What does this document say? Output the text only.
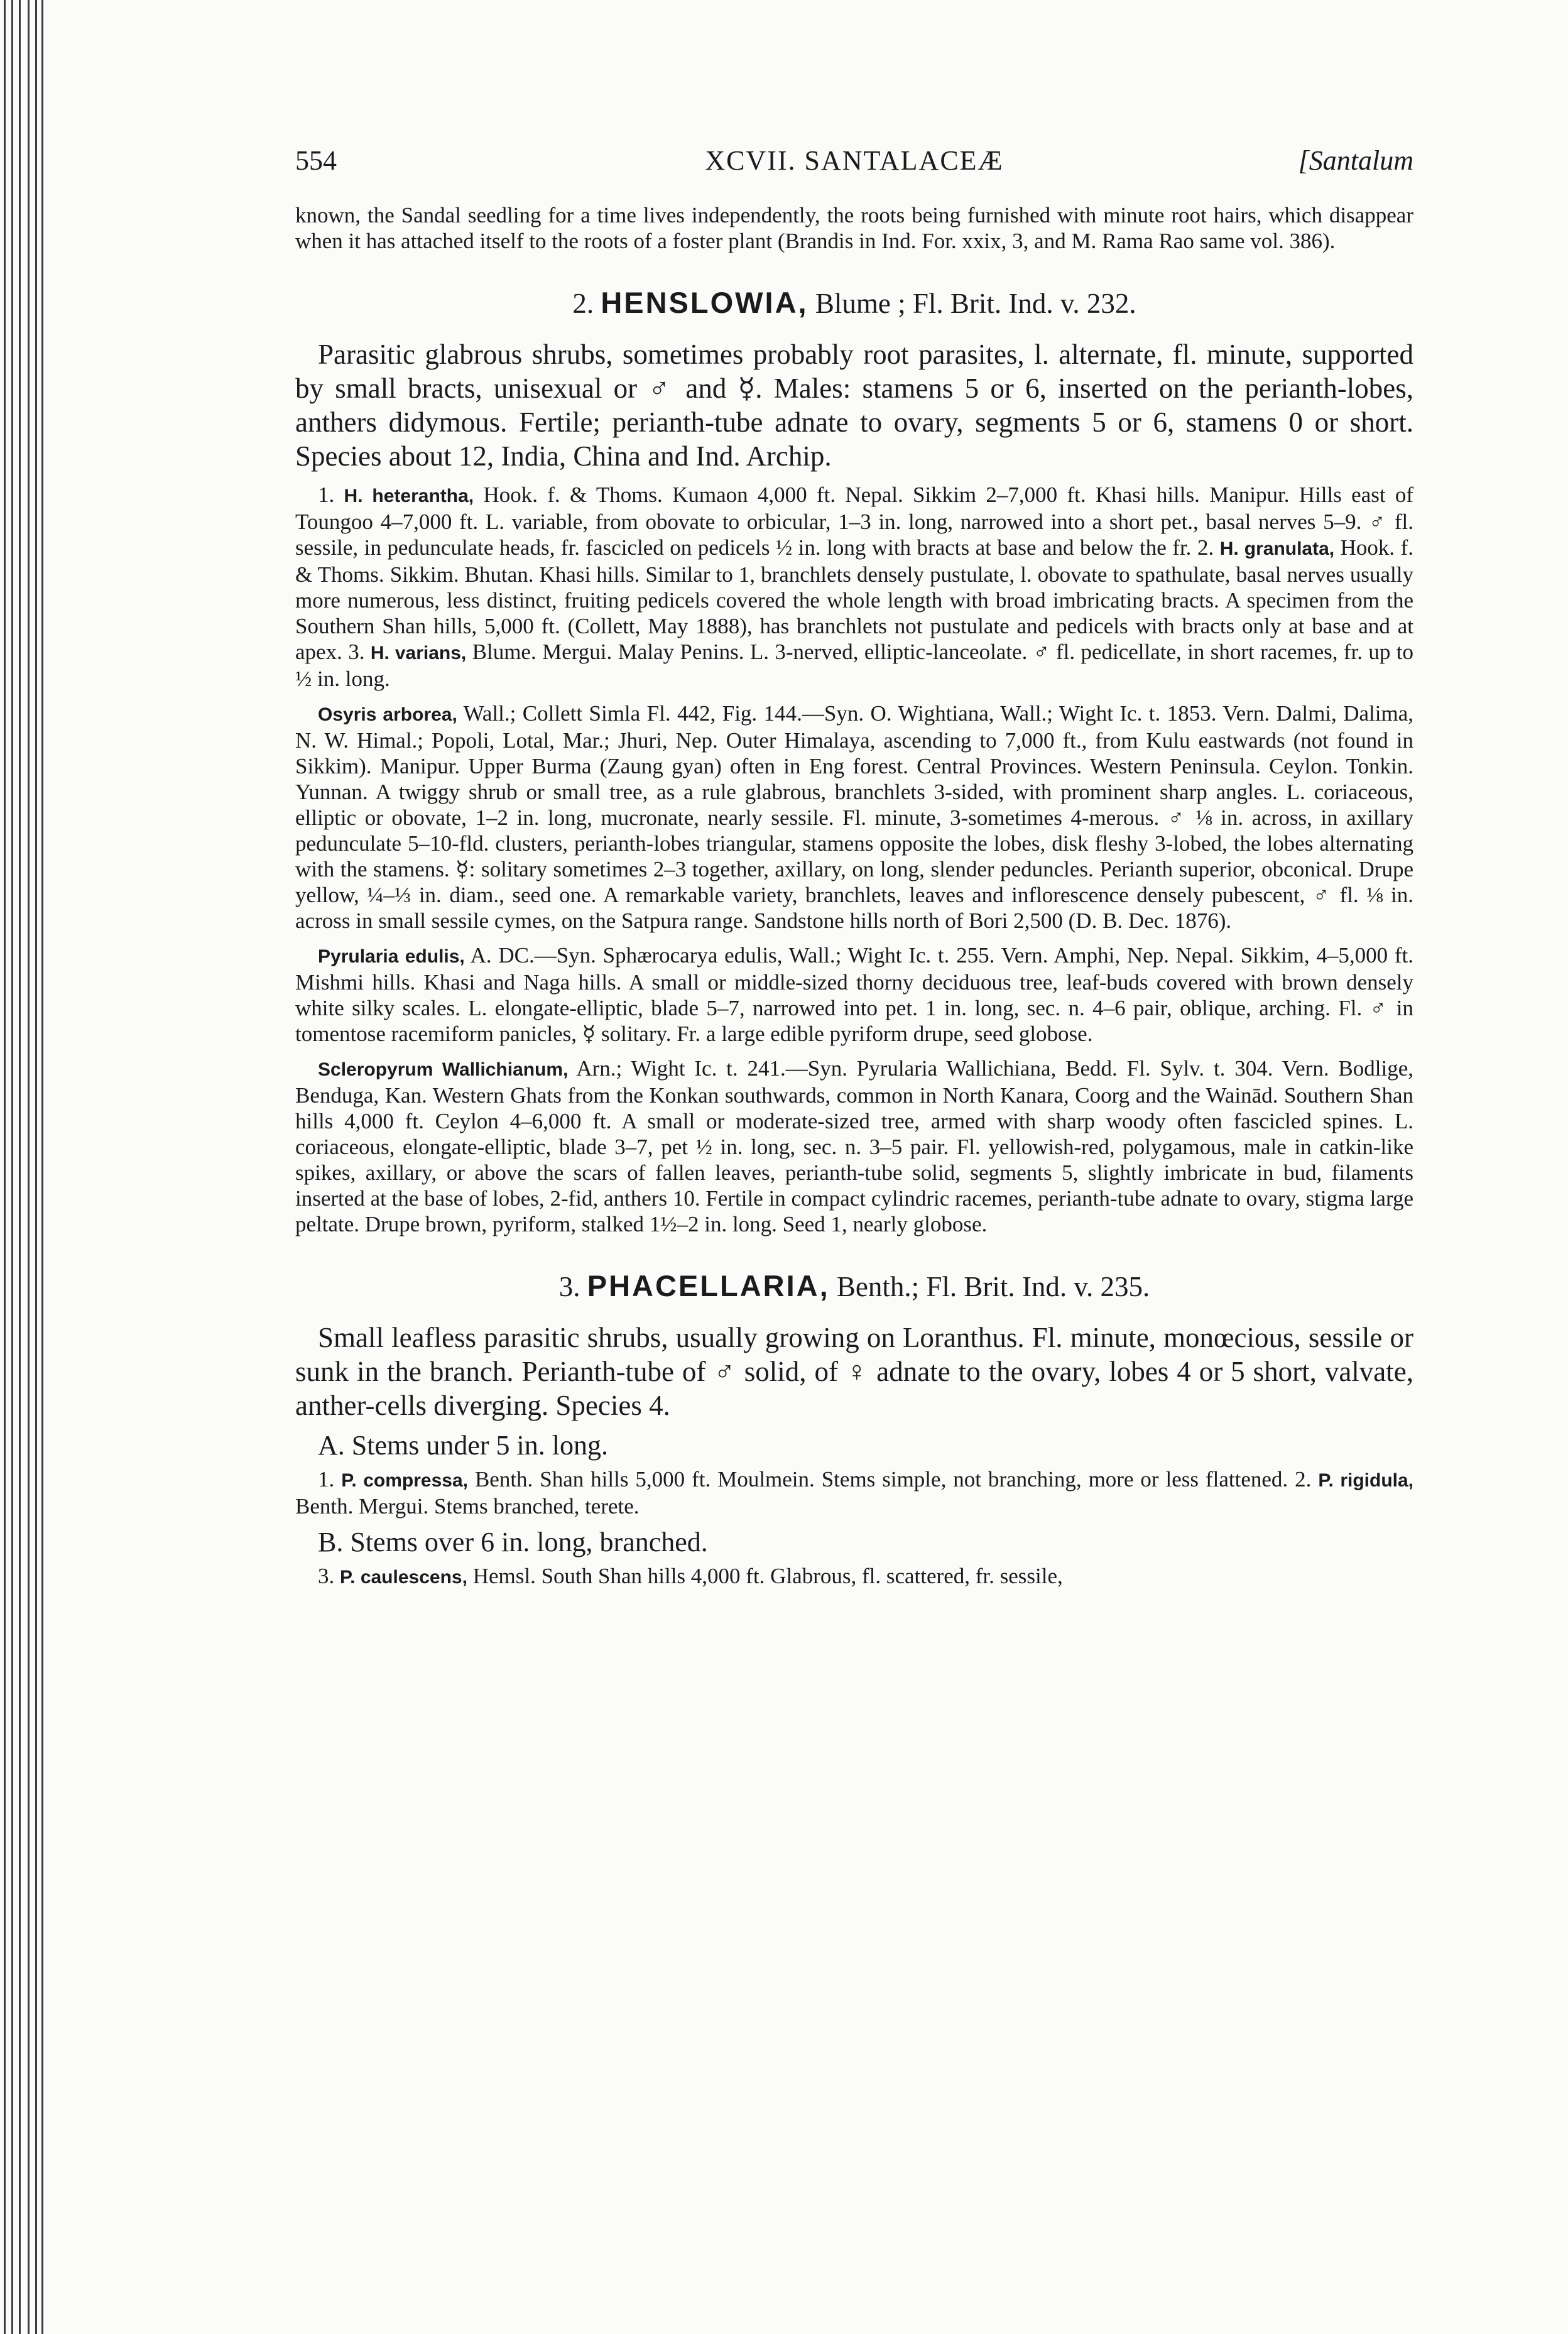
554	XCVII. SANTALACEÆ	[Santalum

known, the Sandal seedling for a time lives independently, the roots being furnished with minute root hairs, which disappear when it has attached itself to the roots of a foster plant (Brandis in Ind. For. xxix, 3, and M. Rama Rao same vol. 386).

2. HENSLOWIA, Blume ; Fl. Brit. Ind. v. 232.

Parasitic glabrous shrubs, sometimes probably root parasites, l. alternate, fl. minute, supported by small bracts, unisexual or ♂ and ☿. Males: stamens 5 or 6, inserted on the perianth-lobes, anthers didymous. Fertile; perianth-tube adnate to ovary, segments 5 or 6, stamens 0 or short. Species about 12, India, China and Ind. Archip.

1. H. heterantha, Hook. f. & Thoms. Kumaon 4,000 ft. Nepal. Sikkim 2–7,000 ft. Khasi hills. Manipur. Hills east of Toungoo 4–7,000 ft. L. variable, from obovate to orbicular, 1–3 in. long, narrowed into a short pet., basal nerves 5–9. ♂ fl. sessile, in pedunculate heads, fr. fascicled on pedicels ½ in. long with bracts at base and below the fr. 2. H. granulata, Hook. f. & Thoms. Sikkim. Bhutan. Khasi hills. Similar to 1, branchlets densely pustulate, l. obovate to spathulate, basal nerves usually more numerous, less distinct, fruiting pedicels covered the whole length with broad imbricating bracts. A specimen from the Southern Shan hills, 5,000 ft. (Collett, May 1888), has branchlets not pustulate and pedicels with bracts only at base and at apex. 3. H. varians, Blume. Mergui. Malay Penins. L. 3-nerved, elliptic-lanceolate. ♂ fl. pedicellate, in short racemes, fr. up to ½ in. long.

Osyris arborea, Wall.; Collett Simla Fl. 442, Fig. 144.—Syn. O. Wightiana, Wall.; Wight Ic. t. 1853. Vern. Dalmi, Dalima, N. W. Himal.; Popoli, Lotal, Mar.; Jhuri, Nep. Outer Himalaya, ascending to 7,000 ft., from Kulu eastwards (not found in Sikkim). Manipur. Upper Burma (Zaung gyan) often in Eng forest. Central Provinces. Western Peninsula. Ceylon. Tonkin. Yunnan. A twiggy shrub or small tree, as a rule glabrous, branchlets 3-sided, with prominent sharp angles. L. coriaceous, elliptic or obovate, 1–2 in. long, mucronate, nearly sessile. Fl. minute, 3-sometimes 4-merous. ♂ ⅛ in. across, in axillary pedunculate 5–10-fld. clusters, perianth-lobes triangular, stamens opposite the lobes, disk fleshy 3-lobed, the lobes alternating with the stamens. ☿: solitary sometimes 2–3 together, axillary, on long, slender peduncles. Perianth superior, obconical. Drupe yellow, ¼–⅓ in. diam., seed one. A remarkable variety, branchlets, leaves and inflorescence densely pubescent, ♂ fl. ⅛ in. across in small sessile cymes, on the Satpura range. Sandstone hills north of Bori 2,500 (D. B. Dec. 1876).

Pyrularia edulis, A. DC.—Syn. Sphærocarya edulis, Wall.; Wight Ic. t. 255. Vern. Amphi, Nep. Nepal. Sikkim, 4–5,000 ft. Mishmi hills. Khasi and Naga hills. A small or middle-sized thorny deciduous tree, leaf-buds covered with brown densely white silky scales. L. elongate-elliptic, blade 5–7, narrowed into pet. 1 in. long, sec. n. 4–6 pair, oblique, arching. Fl. ♂ in tomentose racemiform panicles, ☿ solitary. Fr. a large edible pyriform drupe, seed globose.

Scleropyrum Wallichianum, Arn.; Wight Ic. t. 241.—Syn. Pyrularia Wallichiana, Bedd. Fl. Sylv. t. 304. Vern. Bodlige, Benduga, Kan. Western Ghats from the Konkan southwards, common in North Kanara, Coorg and the Wainād. Southern Shan hills 4,000 ft. Ceylon 4–6,000 ft. A small or moderate-sized tree, armed with sharp woody often fascicled spines. L. coriaceous, elongate-elliptic, blade 3–7, pet ½ in. long, sec. n. 3–5 pair. Fl. yellowish-red, polygamous, male in catkin-like spikes, axillary, or above the scars of fallen leaves, perianth-tube solid, segments 5, slightly imbricate in bud, filaments inserted at the base of lobes, 2-fid, anthers 10. Fertile in compact cylindric racemes, perianth-tube adnate to ovary, stigma large peltate. Drupe brown, pyriform, stalked 1½–2 in. long. Seed 1, nearly globose.

3. PHACELLARIA, Benth.; Fl. Brit. Ind. v. 235.

Small leafless parasitic shrubs, usually growing on Loranthus. Fl. minute, monœcious, sessile or sunk in the branch. Perianth-tube of ♂ solid, of ♀ adnate to the ovary, lobes 4 or 5 short, valvate, anther-cells diverging. Species 4.

A. Stems under 5 in. long.

1. P. compressa, Benth. Shan hills 5,000 ft. Moulmein. Stems simple, not branching, more or less flattened. 2. P. rigidula, Benth. Mergui. Stems branched, terete.

B. Stems over 6 in. long, branched.

3. P. caulescens, Hemsl. South Shan hills 4,000 ft. Glabrous, fl. scattered, fr. sessile,
